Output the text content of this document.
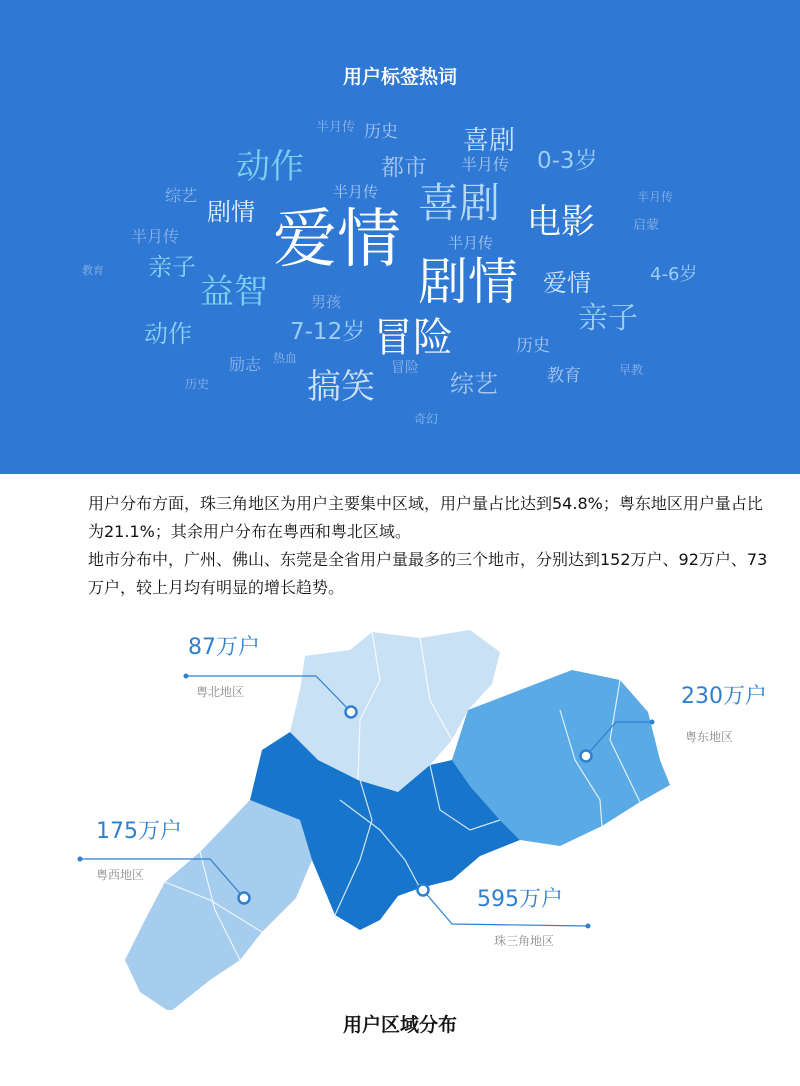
用户标签热词
半月传 历史	喜剧
动作	都市 半月传 0-3岁
综艺	半月传 喜剧 电影
半月传
剧情 爱情	启蒙
半月传	半月传
教育 亲子	剧情 爱情	4-6岁
益智	男孩	亲子
动作	7-12岁 冒险	历史
励志 热血
冒险	教育	早教
历史	搞笑	综艺
奇幻

用户分布方面，珠三角地区为用户主要集中区域，用户量占比达到54.8%；粤东地区用户量占比为21.1%；其余用户分布在粤西和粤北区域。

地市分布中，广州、佛山、东莞是全省用户量最多的三个地市，分别达到152万户、92万户、73万户，较上月均有明显的增长趋势。

87万户
粤北地区	230万户
粤东地区
175万户
粤西地区
595万户
珠三角地区
用户区域分布
